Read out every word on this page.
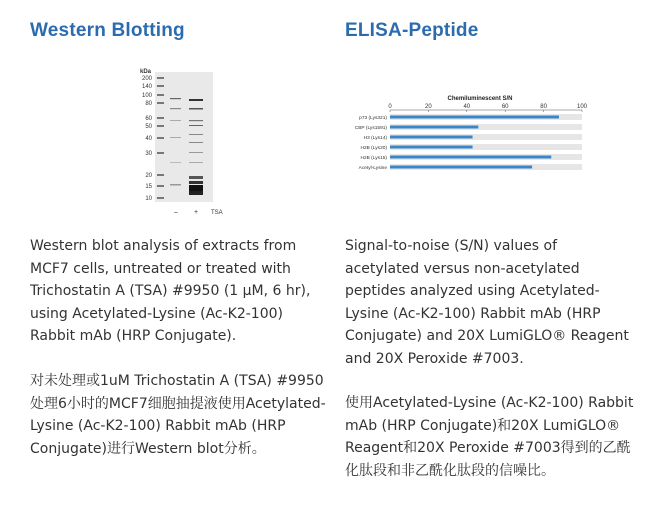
Western Blotting
kDa
200
140
100
80
60
50
40
30
20
15
10
– + TSA

Western blot analysis of extracts from MCF7 cells, untreated or treated with Trichostatin A (TSA) #9950 (1 μM, 6 hr), using Acetylated-Lysine (Ac-K2-100) Rabbit mAb (HRP Conjugate).

对未处理或1uM Trichostatin A (TSA) #9950处理6小时的MCF7细胞抽提液使用Acetylated-Lysine (Ac-K2-100) Rabbit mAb (HRP Conjugate)进行Western blot分析。

ELISA-Peptide
Chemiluminescent S/N
0	20	40	60	80	100
p73 (Lys321)
CBP (Lys1591)
H3 (Lys14)
H2B (Lys20)
H2B (Lys15)
Acetyl-Lysine

Signal-to-noise (S/N) values of acetylated versus non-acetylated peptides analyzed using Acetylated-Lysine (Ac-K2-100) Rabbit mAb (HRP Conjugate) and 20X LumiGLO® Reagent and 20X Peroxide #7003.

使用Acetylated-Lysine (Ac-K2-100) Rabbit mAb (HRP Conjugate)和20X LumiGLO® Reagent和20X Peroxide #7003得到的乙酰化肽段和非乙酰化肽段的信噪比。
